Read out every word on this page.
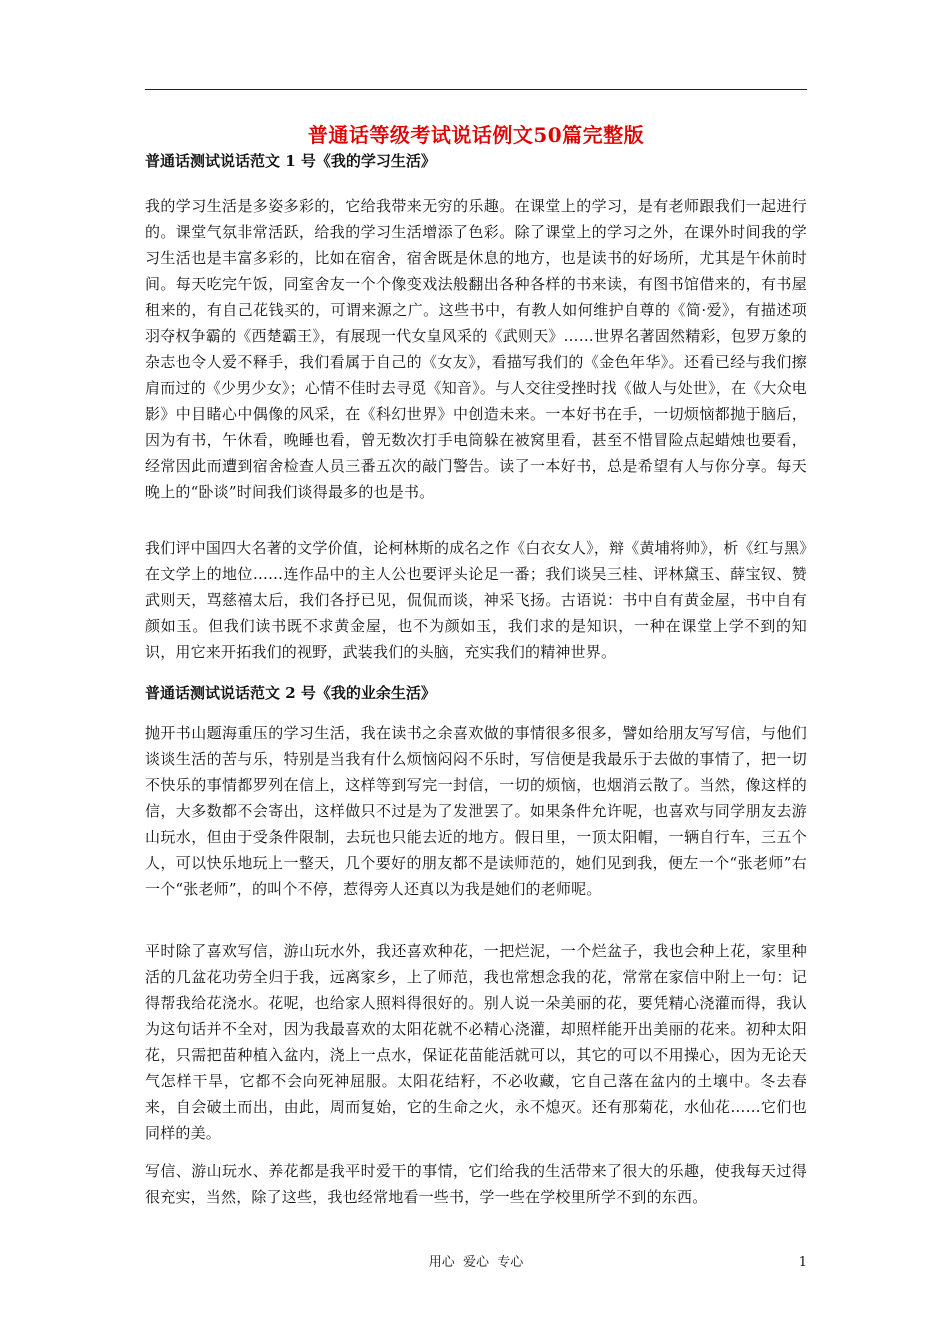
普通话等级考试说话例文50篇完整版
普通话测试说话范文 1 号《我的学习生活》
我的学习生活是多姿多彩的，它给我带来无穷的乐趣。在课堂上的学习，是有老师跟我们一起进行的。课堂气氛非常活跃，给我的学习生活增添了色彩。除了课堂上的学习之外，在课外时间我的学习生活也是丰富多彩的，比如在宿舍，宿舍既是休息的地方，也是读书的好场所，尤其是午休前时间。每天吃完午饭，同室舍友一个个像变戏法般翻出各种各样的书来读，有图书馆借来的，有书屋租来的，有自己花钱买的，可谓来源之广。这些书中，有教人如何维护自尊的《简·爱》，有描述项羽夺权争霸的《西楚霸王》，有展现一代女皇风采的《武则天》……世界名著固然精彩，包罗万象的杂志也令人爱不释手，我们看属于自己的《女友》，看描写我们的《金色年华》。还看已经与我们擦肩而过的《少男少女》；心情不佳时去寻觅《知音》。与人交往受挫时找《做人与处世》，在《大众电影》中目睹心中偶像的风采，在《科幻世界》中创造未来。一本好书在手，一切烦恼都抛于脑后，因为有书，午休看，晚睡也看，曾无数次打手电筒躲在被窝里看，甚至不惜冒险点起蜡烛也要看，经常因此而遭到宿舍检查人员三番五次的敲门警告。读了一本好书，总是希望有人与你分享。每天晚上的“卧谈”时间我们谈得最多的也是书。
我们评中国四大名著的文学价值，论柯林斯的成名之作《白衣女人》，辩《黄埔将帅》，析《红与黑》在文学上的地位……连作品中的主人公也要评头论足一番；我们谈吴三桂、评林黛玉、薛宝钗、赞武则天，骂慈禧太后，我们各抒已见，侃侃而谈，神采飞扬。古语说：书中自有黄金屋，书中自有颜如玉。但我们读书既不求黄金屋，也不为颜如玉，我们求的是知识，一种在课堂上学不到的知识，用它来开拓我们的视野，武装我们的头脑，充实我们的精神世界。
普通话测试说话范文 2 号《我的业余生活》
抛开书山题海重压的学习生活，我在读书之余喜欢做的事情很多很多，譬如给朋友写写信，与他们谈谈生活的苦与乐，特别是当我有什么烦恼闷闷不乐时，写信便是我最乐于去做的事情了，把一切不快乐的事情都罗列在信上，这样等到写完一封信，一切的烦恼，也烟消云散了。当然，像这样的信，大多数都不会寄出，这样做只不过是为了发泄罢了。如果条件允许呢，也喜欢与同学朋友去游山玩水，但由于受条件限制，去玩也只能去近的地方。假日里，一顶太阳帽，一辆自行车，三五个人，可以快乐地玩上一整天，几个要好的朋友都不是读师范的，她们见到我，便左一个“张老师”右一个“张老师”，的叫个不停，惹得旁人还真以为我是她们的老师呢。
平时除了喜欢写信，游山玩水外，我还喜欢种花，一把烂泥，一个烂盆子，我也会种上花，家里种活的几盆花功劳全归于我，远离家乡，上了师范，我也常想念我的花，常常在家信中附上一句：记得帮我给花浇水。花呢，也给家人照料得很好的。别人说一朵美丽的花，要凭精心浇灌而得，我认为这句话并不全对，因为我最喜欢的太阳花就不必精心浇灌，却照样能开出美丽的花来。初种太阳花，只需把苗种植入盆内，浇上一点水，保证花苗能活就可以，其它的可以不用操心，因为无论天气怎样干旱，它都不会向死神屈服。太阳花结籽，不必收藏，它自己落在盆内的土壤中。冬去春来，自会破土而出，由此，周而复始，它的生命之火，永不熄灭。还有那菊花，水仙花……它们也同样的美。
写信、游山玩水、养花都是我平时爱干的事情，它们给我的生活带来了很大的乐趣，使我每天过得很充实，当然，除了这些，我也经常地看一些书，学一些在学校里所学不到的东西。
用心  爱心  专心	1
